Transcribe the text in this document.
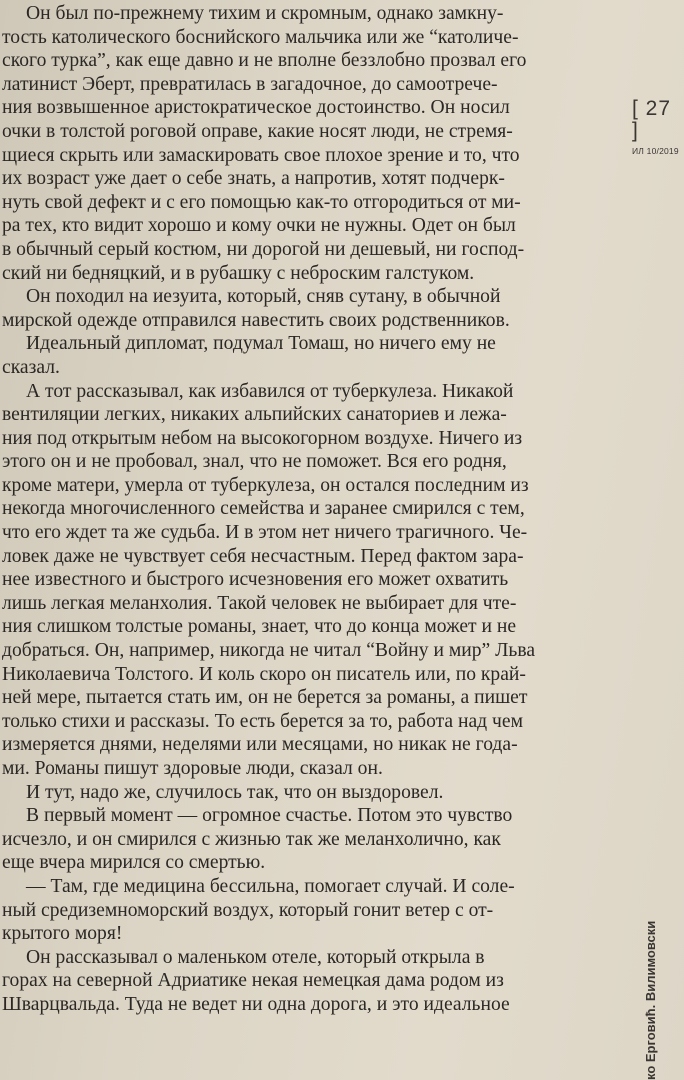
Он был по-прежнему тихим и скромным, однако замкну-
тость католического боснийского мальчика или же “католиче-
ского турка”, как еще давно и не вполне беззлобно прозвал его
латинист Эберт, превратилась в загадочное, до самоотрече-
ния возвышенное аристократическое достоинство. Он носил
очки в толстой роговой оправе, какие носят люди, не стремя-
щиеся скрыть или замаскировать свое плохое зрение и то, что
их возраст уже дает о себе знать, а напротив, хотят подчерк-
нуть свой дефект и с его помощью как-то отгородиться от ми-
ра тех, кто видит хорошо и кому очки не нужны. Одет он был
в обычный серый костюм, ни дорогой ни дешевый, ни господ-
ский ни бедняцкий, и в рубашку с неброским галстуком.

Он походил на иезуита, который, сняв сутану, в обычной
мирской одежде отправился навестить своих родственников.

Идеальный дипломат, подумал Томаш, но ничего ему не
сказал.

А тот рассказывал, как избавился от туберкулеза. Никакой
вентиляции легких, никаких альпийских санаториев и лежа-
ния под открытым небом на высокогорном воздухе. Ничего из
этого он и не пробовал, знал, что не поможет. Вся его родня,
кроме матери, умерла от туберкулеза, он остался последним из
некогда многочисленного семейства и заранее смирился с тем,
что его ждет та же судьба. И в этом нет ничего трагичного. Че-
ловек даже не чувствует себя несчастным. Перед фактом зара-
нее известного и быстрого исчезновения его может охватить
лишь легкая меланхолия. Такой человек не выбирает для чте-
ния слишком толстые романы, знает, что до конца может и не
добраться. Он, например, никогда не читал “Войну и мир” Льва
Николаевича Толстого. И коль скоро он писатель или, по край-
ней мере, пытается стать им, он не берется за романы, а пишет
только стихи и рассказы. То есть берется за то, работа над чем
измеряется днями, неделями или месяцами, но никак не года-
ми. Романы пишут здоровые люди, сказал он.

И тут, надо же, случилось так, что он выздоровел.

В первый момент — огромное счастье. Потом это чувство
исчезло, и он смирился с жизнью так же меланхолично, как
еще вчера мирился со смертью.

— Там, где медицина бессильна, помогает случай. И соле-
ный средиземноморский воздух, который гонит ветер с от-
крытого моря!

Он рассказывал о маленьком отеле, который открыла в
горах на северной Адриатике некая немецкая дама родом из
Шварцвальда. Туда не ведет ни одна дорога, и это идеальное

[ 27 ]
ИЛ 10/2019
ко Ерговић. Вилимовски
